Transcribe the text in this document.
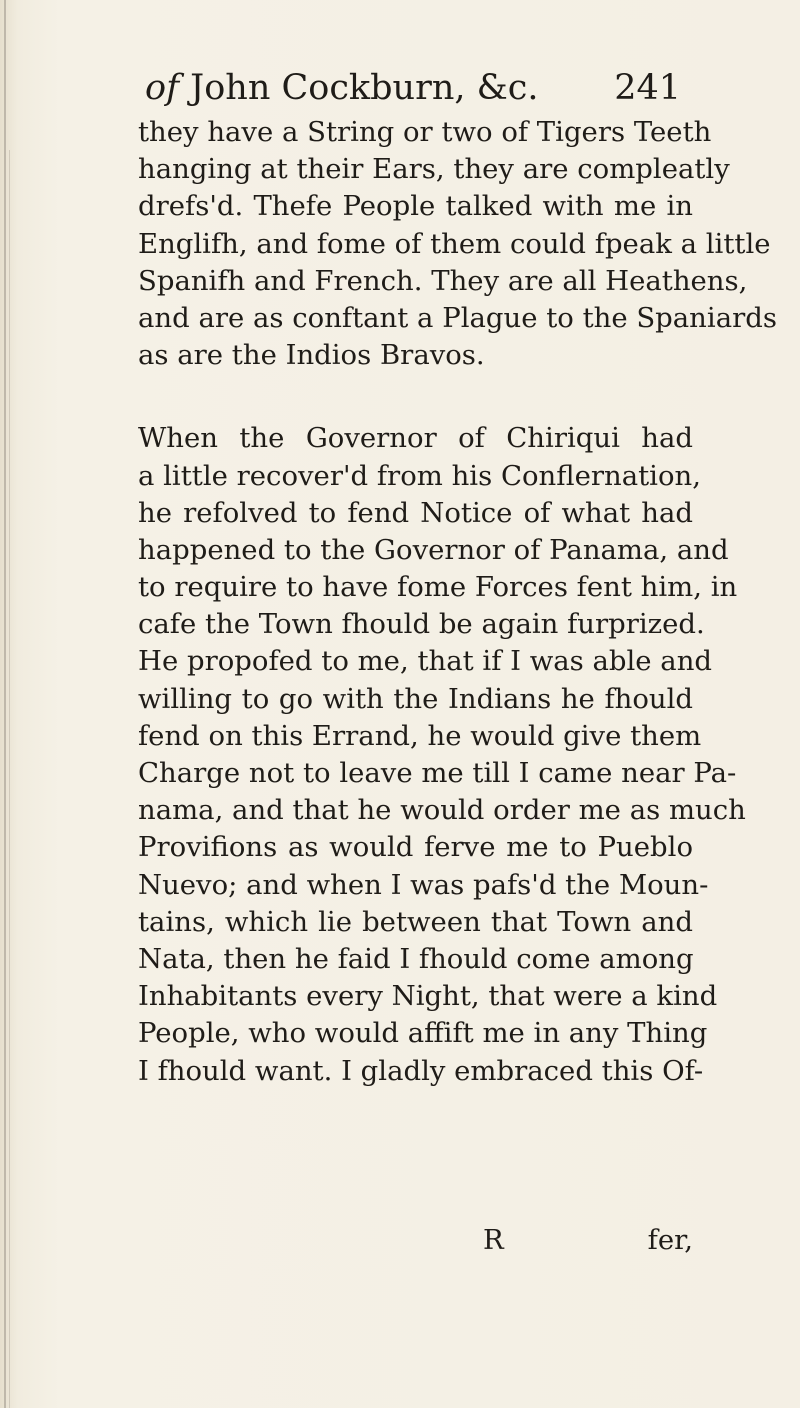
of John Cockburn, &c. 241
they have a String or two of Tigers Teeth
hanging at their Ears, they are compleatly
drefs'd. Thefe People talked with me in
Englifh, and fome of them could fpeak a little
Spanifh and French. They are all Heathens,
and are as conftant a Plague to the Spaniards
as are the Indios Bravos.
When the Governor of Chiriqui had
a little recover'd from his Conflernation,
he refolved to fend Notice of what had
happened to the Governor of Panama, and
to require to have fome Forces fent him, in
cafe the Town fhould be again furprized.
He propofed to me, that if I was able and
willing to go with the Indians he fhould
fend on this Errand, he would give them
Charge not to leave me till I came near Pa-
nama, and that he would order me as much
Provifions as would ferve me to Pueblo
Nuevo; and when I was pafs'd the Moun-
tains, which lie between that Town and
Nata, then he faid I fhould come among
Inhabitants every Night, that were a kind
People, who would affift me in any Thing
I fhould want. I gladly embraced this Of-
R	fer,
